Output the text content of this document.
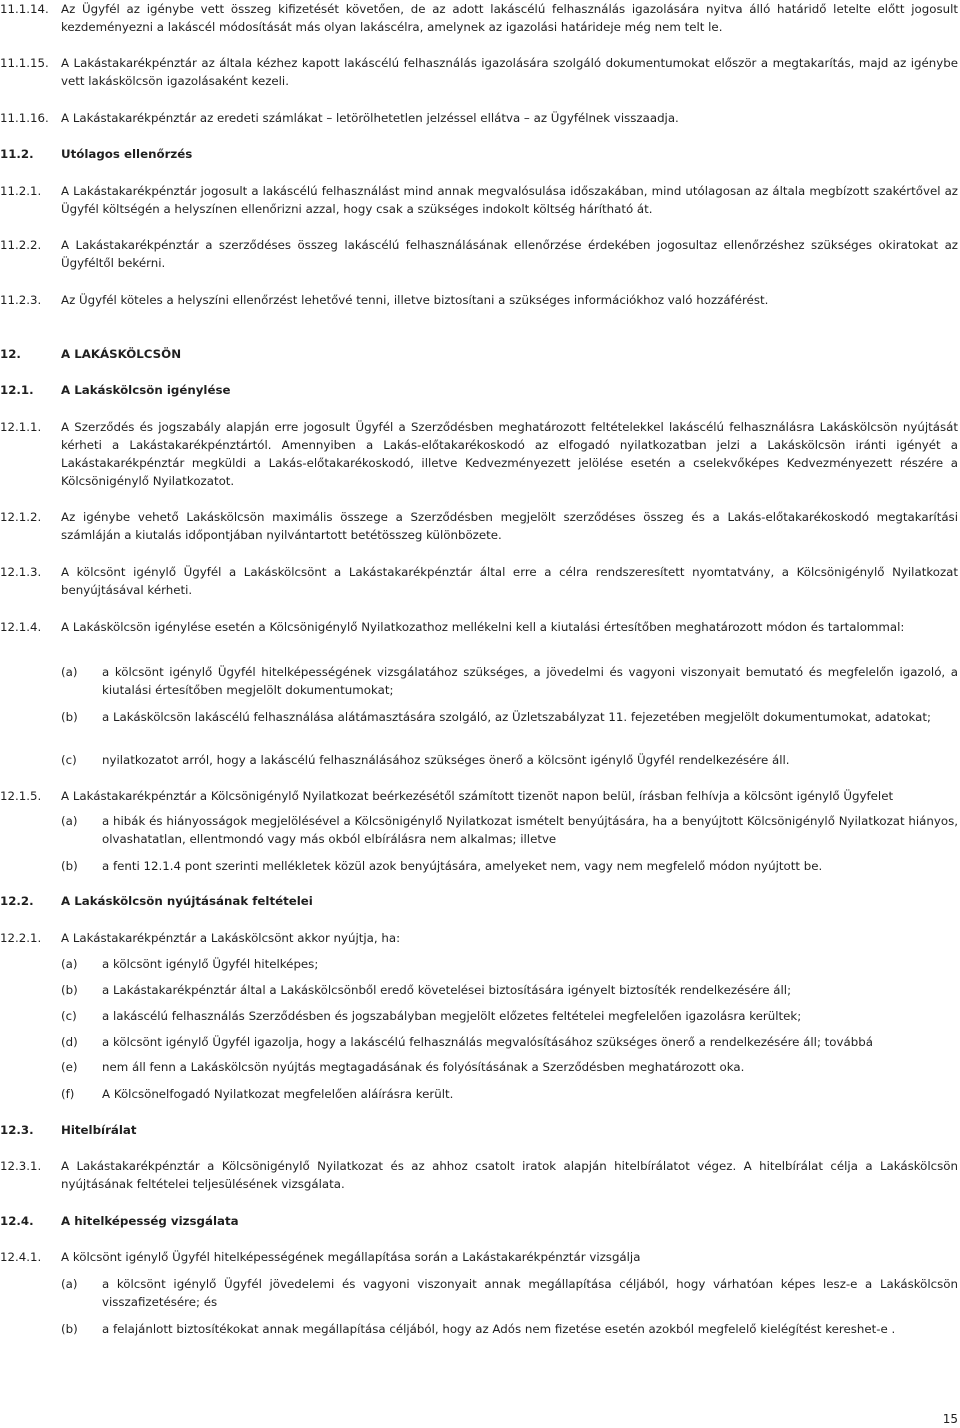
11.1.14. Az Ügyfél az igénybe vett összeg kifizetését követően, de az adott lakáscélú felhasználás igazolására nyitva álló határidő letelte előtt jogosult kezdeményezni a lakáscél módosítását más olyan lakáscélra, amelynek az igazolási határideje még nem telt le.
11.1.15. A Lakástakarékpénztár az általa kézhez kapott lakáscélú felhasználás igazolására szolgáló dokumentumokat először a megtakarítás, majd az igénybe vett lakáskölcsön igazolásaként kezeli.
11.1.16. A Lakástakarékpénztár az eredeti számlákat – letörölhetetlen jelzéssel ellátva – az Ügyfélnek visszaadja.
11.2. Utólagos ellenőrzés
11.2.1. A Lakástakarékpénztár jogosult a lakáscélú felhasználást mind annak megvalósulása időszakában, mind utólagosan az általa megbízott szakértővel az Ügyfél költségén a helyszínen ellenőrizni azzal, hogy csak a szükséges indokolt költség hárítható át.
11.2.2. A Lakástakarékpénztár a szerződéses összeg lakáscélú felhasználásának ellenőrzése érdekében jogosultaz ellenőrzéshez szükséges okiratokat az Ügyféltől bekérni.
11.2.3. Az Ügyfél köteles a helyszíni ellenőrzést lehetővé tenni, illetve biztosítani a szükséges információkhoz való hozzáférést.
12.	A LAKÁSKÖLCSÖN
12.1. A Lakáskölcsön igénylése
12.1.1. A Szerződés és jogszabály alapján erre jogosult Ügyfél a Szerződésben meghatározott feltételekkel lakáscélú felhasználásra Lakáskölcsön nyújtását kérheti a Lakástakarékpénztártól. Amennyiben a Lakás-előtakarékoskodó az elfogadó nyilatkozatban jelzi a Lakáskölcsön iránti igényét a Lakástakarékpénztár megküldi a Lakás-előtakarékoskodó, illetve Kedvezményezett jelölése esetén a cselekvőképes Kedvezményezett részére a Kölcsönigénylő Nyilatkozatot.
12.1.2. Az igénybe vehető Lakáskölcsön maximális összege a Szerződésben megjelölt szerződéses összeg és a Lakás-előtakarékoskodó megtakarítási számláján a kiutalás időpontjában nyilvántartott betétösszeg különbözete.
12.1.3. A kölcsönt igénylő Ügyfél a Lakáskölcsönt a Lakástakarékpénztár által erre a célra rendszeresített nyomtatvány, a Kölcsönigénylő Nyilatkozat benyújtásával kérheti.
12.1.4. A Lakáskölcsön igénylése esetén a Kölcsönigénylő Nyilatkozathoz mellékelni kell a kiutalási értesítőben meghatározott módon és tartalommal:
(a) a kölcsönt igénylő Ügyfél hitelképességének vizsgálatához szükséges, a jövedelmi és vagyoni viszonyait bemutató és megfelelőn igazoló, a kiutalási értesítőben megjelölt dokumentumokat;
(b) a Lakáskölcsön lakáscélú felhasználása alátámasztására szolgáló, az Üzletszabályzat 11. fejezetében megjelölt dokumentumokat, adatokat;
(c) nyilatkozatot arról, hogy a lakáscélú felhasználásához szükséges önerő a kölcsönt igénylő Ügyfél rendelkezésére áll.
12.1.5. A Lakástakarékpénztár a Kölcsönigénylő Nyilatkozat beérkezésétől számított tizenöt napon belül, írásban felhívja a kölcsönt igénylő Ügyfelet
(a) a hibák és hiányosságok megjelölésével a Kölcsönigénylő Nyilatkozat ismételt benyújtására, ha a benyújtott Kölcsönigénylő Nyilatkozat hiányos, olvashatatlan, ellentmondó vagy más okból elbírálásra nem alkalmas; illetve
(b) a fenti 12.1.4 pont szerinti mellékletek közül azok benyújtására, amelyeket nem, vagy nem megfelelő módon nyújtott be.
12.2. A Lakáskölcsön nyújtásának feltételei
12.2.1. A Lakástakarékpénztár a Lakáskölcsönt akkor nyújtja, ha:
(a) a kölcsönt igénylő Ügyfél hitelképes;
(b) a Lakástakarékpénztár által a Lakáskölcsönből eredő követelései biztosítására igényelt biztosíték rendelkezésére áll;
(c) a lakáscélú felhasználás Szerződésben és jogszabályban megjelölt előzetes feltételei megfelelően igazolásra kerültek;
(d) a kölcsönt igénylő Ügyfél igazolja, hogy a lakáscélú felhasználás megvalósításához szükséges önerő a rendelkezésére áll; továbbá
(e) nem áll fenn a Lakáskölcsön nyújtás megtagadásának és folyósításának a Szerződésben meghatározott oka.
(f) A Kölcsönelfogadó Nyilatkozat megfelelően aláírásra került.
12.3. Hitelbírálat
12.3.1. A Lakástakarékpénztár a Kölcsönigénylő Nyilatkozat és az ahhoz csatolt iratok alapján hitelbírálatot végez. A hitelbírálat célja a Lakáskölcsön nyújtásának feltételei teljesülésének vizsgálata.
12.4. A hitelképesség vizsgálata
12.4.1. A kölcsönt igénylő Ügyfél hitelképességének megállapítása során a Lakástakarékpénztár vizsgálja
(a) a kölcsönt igénylő Ügyfél jövedelemi és vagyoni viszonyait annak megállapítása céljából, hogy várhatóan képes lesz-e a Lakáskölcsön visszafizetésére; és
(b) a felajánlott biztosítékokat annak megállapítása céljából, hogy az Adós nem fizetése esetén azokból megfelelő kielégítést kereshet-e .
15
